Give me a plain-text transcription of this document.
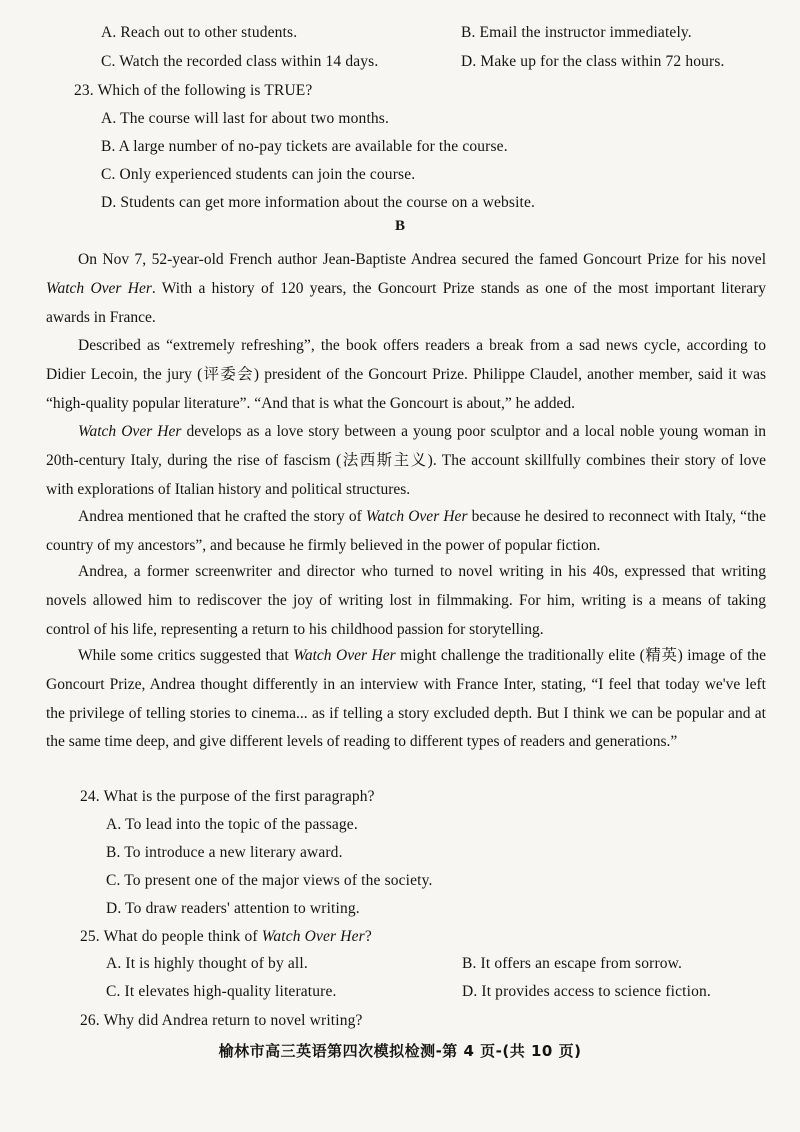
A. Reach out to other students.	B. Email the instructor immediately.
C. Watch the recorded class within 14 days.	D. Make up for the class within 72 hours.
23. Which of the following is TRUE?
A. The course will last for about two months.
B. A large number of no-pay tickets are available for the course.
C. Only experienced students can join the course.
D. Students can get more information about the course on a website.
B
On Nov 7, 52-year-old French author Jean-Baptiste Andrea secured the famed Goncourt Prize for his novel Watch Over Her. With a history of 120 years, the Goncourt Prize stands as one of the most important literary awards in France.
Described as “extremely refreshing”, the book offers readers a break from a sad news cycle, according to Didier Lecoin, the jury (评委会) president of the Goncourt Prize. Philippe Claudel, another member, said it was “high-quality popular literature”. “And that is what the Goncourt is about,” he added.
Watch Over Her develops as a love story between a young poor sculptor and a local noble young woman in 20th-century Italy, during the rise of fascism (法西斯主义). The account skillfully combines their story of love with explorations of Italian history and political structures.
Andrea mentioned that he crafted the story of Watch Over Her because he desired to reconnect with Italy, “the country of my ancestors”, and because he firmly believed in the power of popular fiction.
Andrea, a former screenwriter and director who turned to novel writing in his 40s, expressed that writing novels allowed him to rediscover the joy of writing lost in filmmaking. For him, writing is a means of taking control of his life, representing a return to his childhood passion for storytelling.
While some critics suggested that Watch Over Her might challenge the traditionally elite (精英) image of the Goncourt Prize, Andrea thought differently in an interview with France Inter, stating, “I feel that today we've left the privilege of telling stories to cinema... as if telling a story excluded depth. But I think we can be popular and at the same time deep, and give different levels of reading to different types of readers and generations.”
24. What is the purpose of the first paragraph?
A. To lead into the topic of the passage.
B. To introduce a new literary award.
C. To present one of the major views of the society.
D. To draw readers' attention to writing.
25. What do people think of Watch Over Her?
A. It is highly thought of by all.	B. It offers an escape from sorrow.
C. It elevates high-quality literature.	D. It provides access to science fiction.
26. Why did Andrea return to novel writing?
榆林市高三英语第四次模拟检测-第 4 页-(共 10 页)
